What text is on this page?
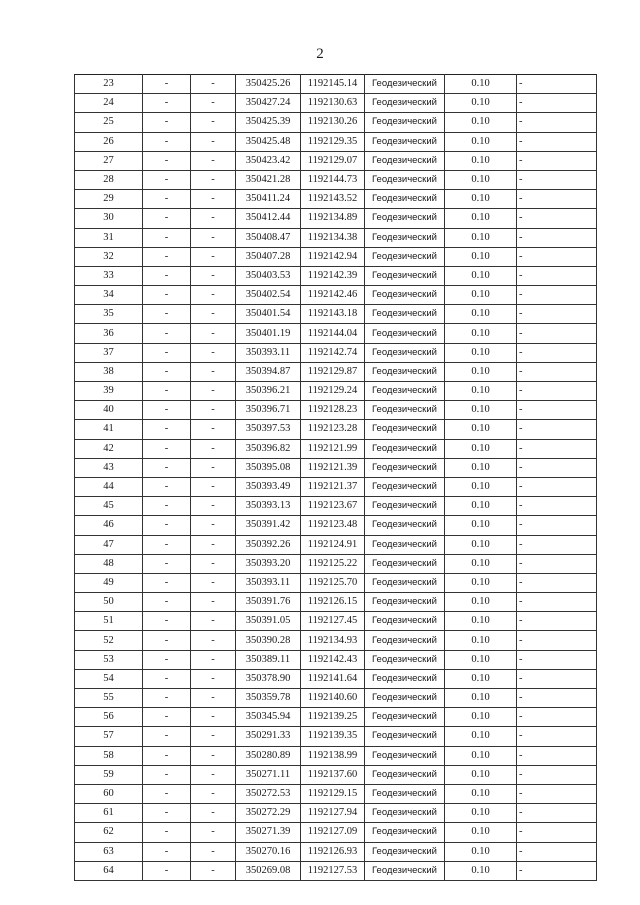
2
23	-	-	350425.26	1192145.14	Геодезический	0.10	-
24	-	-	350427.24	1192130.63	Геодезический	0.10	-
25	-	-	350425.39	1192130.26	Геодезический	0.10	-
26	-	-	350425.48	1192129.35	Геодезический	0.10	-
27	-	-	350423.42	1192129.07	Геодезический	0.10	-
28	-	-	350421.28	1192144.73	Геодезический	0.10	-
29	-	-	350411.24	1192143.52	Геодезический	0.10	-
30	-	-	350412.44	1192134.89	Геодезический	0.10	-
31	-	-	350408.47	1192134.38	Геодезический	0.10	-
32	-	-	350407.28	1192142.94	Геодезический	0.10	-
33	-	-	350403.53	1192142.39	Геодезический	0.10	-
34	-	-	350402.54	1192142.46	Геодезический	0.10	-
35	-	-	350401.54	1192143.18	Геодезический	0.10	-
36	-	-	350401.19	1192144.04	Геодезический	0.10	-
37	-	-	350393.11	1192142.74	Геодезический	0.10	-
38	-	-	350394.87	1192129.87	Геодезический	0.10	-
39	-	-	350396.21	1192129.24	Геодезический	0.10	-
40	-	-	350396.71	1192128.23	Геодезический	0.10	-
41	-	-	350397.53	1192123.28	Геодезический	0.10	-
42	-	-	350396.82	1192121.99	Геодезический	0.10	-
43	-	-	350395.08	1192121.39	Геодезический	0.10	-
44	-	-	350393.49	1192121.37	Геодезический	0.10	-
45	-	-	350393.13	1192123.67	Геодезический	0.10	-
46	-	-	350391.42	1192123.48	Геодезический	0.10	-
47	-	-	350392.26	1192124.91	Геодезический	0.10	-
48	-	-	350393.20	1192125.22	Геодезический	0.10	-
49	-	-	350393.11	1192125.70	Геодезический	0.10	-
50	-	-	350391.76	1192126.15	Геодезический	0.10	-
51	-	-	350391.05	1192127.45	Геодезический	0.10	-
52	-	-	350390.28	1192134.93	Геодезический	0.10	-
53	-	-	350389.11	1192142.43	Геодезический	0.10	-
54	-	-	350378.90	1192141.64	Геодезический	0.10	-
55	-	-	350359.78	1192140.60	Геодезический	0.10	-
56	-	-	350345.94	1192139.25	Геодезический	0.10	-
57	-	-	350291.33	1192139.35	Геодезический	0.10	-
58	-	-	350280.89	1192138.99	Геодезический	0.10	-
59	-	-	350271.11	1192137.60	Геодезический	0.10	-
60	-	-	350272.53	1192129.15	Геодезический	0.10	-
61	-	-	350272.29	1192127.94	Геодезический	0.10	-
62	-	-	350271.39	1192127.09	Геодезический	0.10	-
63	-	-	350270.16	1192126.93	Геодезический	0.10	-
64	-	-	350269.08	1192127.53	Геодезический	0.10	-
